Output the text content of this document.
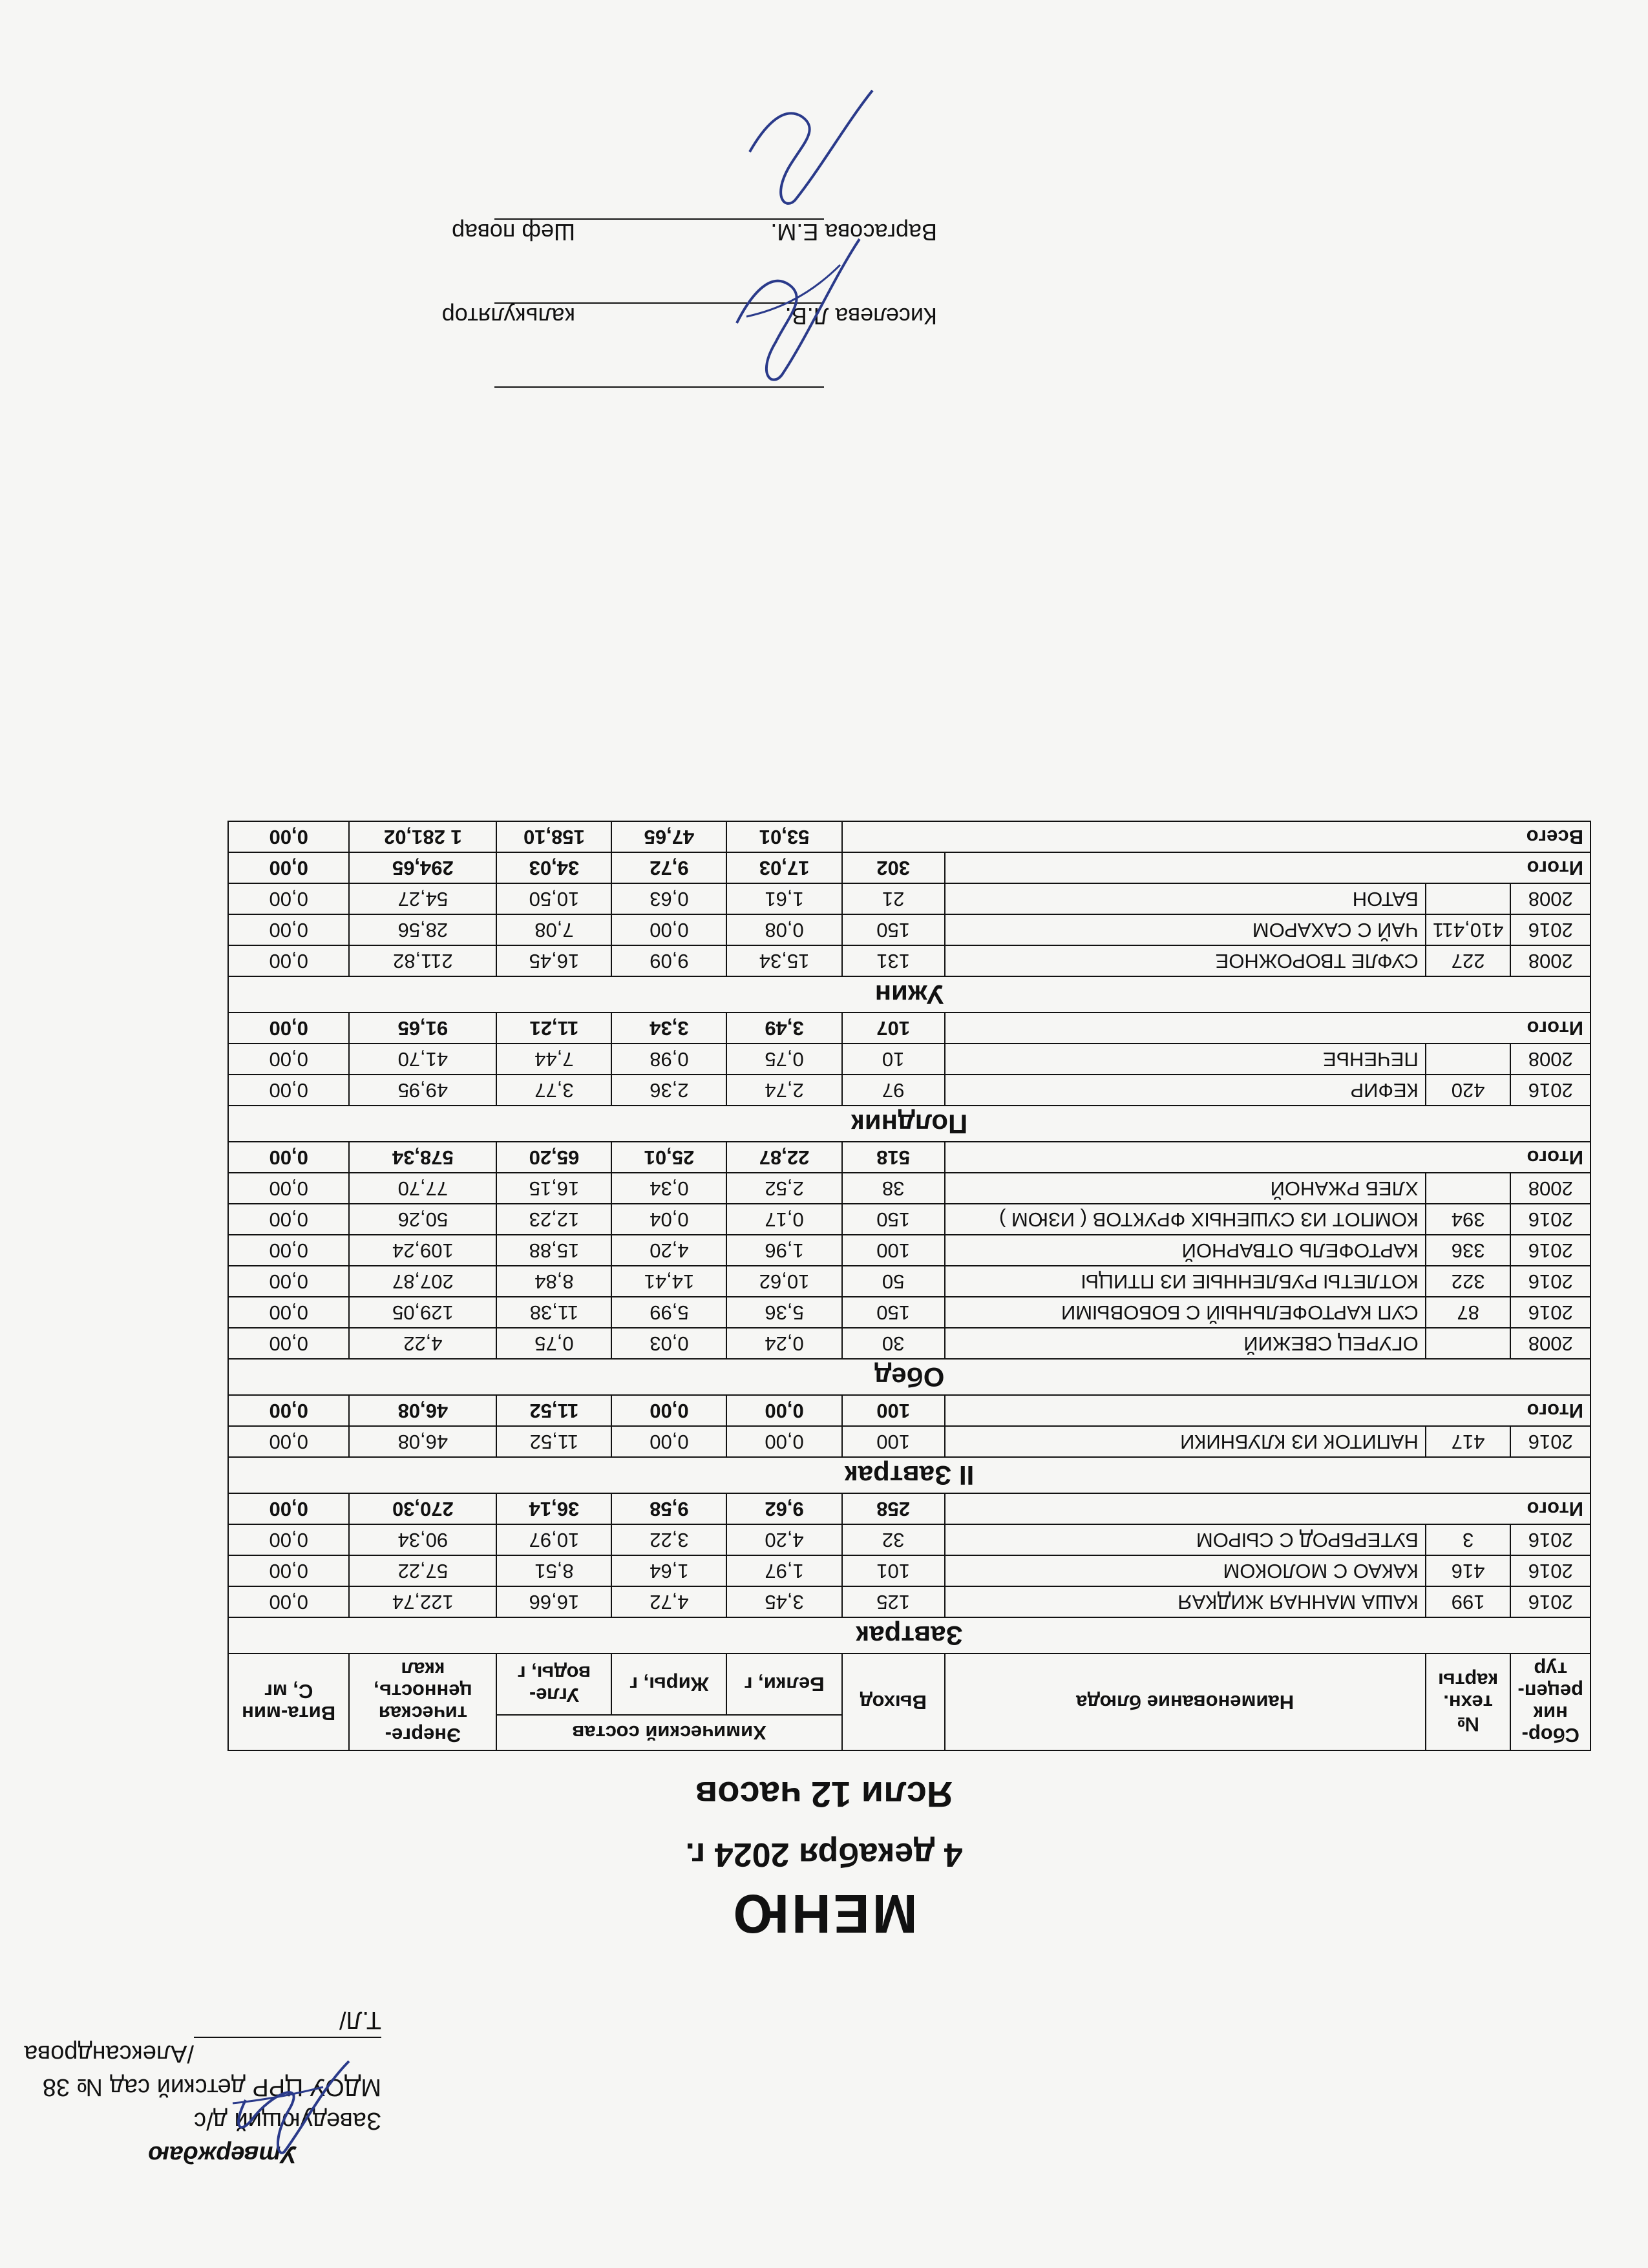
Утверждаю
Заведующий д/с
МДОУ ЦРР детский сад № 38
/Александрова Т.Л/
МЕНЮ
4 декабря 2024 г.
Ясли 12 часов
Сбор-ник рецеп-тур	№ техн. карты	Наименование блюда	Выход	Химический состав			Энерге-тическая ценность, ккал	Вита-мин С, мг
				Белки, г	Жиры, г	Угле-воды, г		
Завтрак								
2016	199	КАША МАННАЯ ЖИДКАЯ	125	3,45	4,72	16,66	122,74	0,00
2016	416	КАКАО С МОЛОКОМ	101	1,97	1,64	8,51	57,22	0,00
2016	3	БУТЕРБРОД С СЫРОМ	32	4,20	3,22	10,97	90,34	0,00
Итого			258	9,62	9,58	36,14	270,30	0,00
II Завтрак								
2016	417	НАПИТОК ИЗ КЛУБНИКИ	100	0,00	0,00	11,52	46,08	0,00
Итого			100	0,00	0,00	11,52	46,08	0,00
Обед								
2008		ОГУРЕЦ СВЕЖИЙ	30	0,24	0,03	0,75	4,22	0,00
2016	87	СУП КАРТОФЕЛЬНЫЙ С БОБОВЫМИ	150	5,36	5,99	11,38	129,05	0,00
2016	322	КОТЛЕТЫ РУБЛЕННЫЕ ИЗ ПТИЦЫ	50	10,62	14,41	8,84	207,87	0,00
2016	336	КАРТОФЕЛЬ ОТВАРНОЙ	100	1,96	4,20	15,88	109,24	0,00
2016	394	КОМПОТ ИЗ СУШЕНЫХ ФРУКТОВ ( ИЗЮМ )	150	0,17	0,04	12,23	50,26	0,00
2008		ХЛЕБ РЖАНОЙ	38	2,52	0,34	16,15	77,70	0,00
Итого			518	22,87	25,01	65,20	578,34	0,00
Полдник								
2016	420	КЕФИР	97	2,74	2,36	3,77	49,95	0,00
2008		ПЕЧЕНЬЕ	10	0,75	0,98	7,44	41,70	0,00
Итого			107	3,49	3,34	11,21	91,65	0,00
Ужин								
2008	227	СУФЛЕ ТВОРОЖНОЕ	131	15,34	9,09	16,45	211,82	0,00
2016	410,411	ЧАЙ С САХАРОМ	150	0,08	0,00	7,08	28,56	0,00
2008		БАТОН	21	1,61	0,63	10,50	54,27	0,00
Итого			302	17,03	9,72	34,03	294,65	0,00
Всего				53,01	47,65	158,10	1 281,02	0,00
калькулятор	Киселева Л.В.
Шеф повар	Варгасова Е.М.
